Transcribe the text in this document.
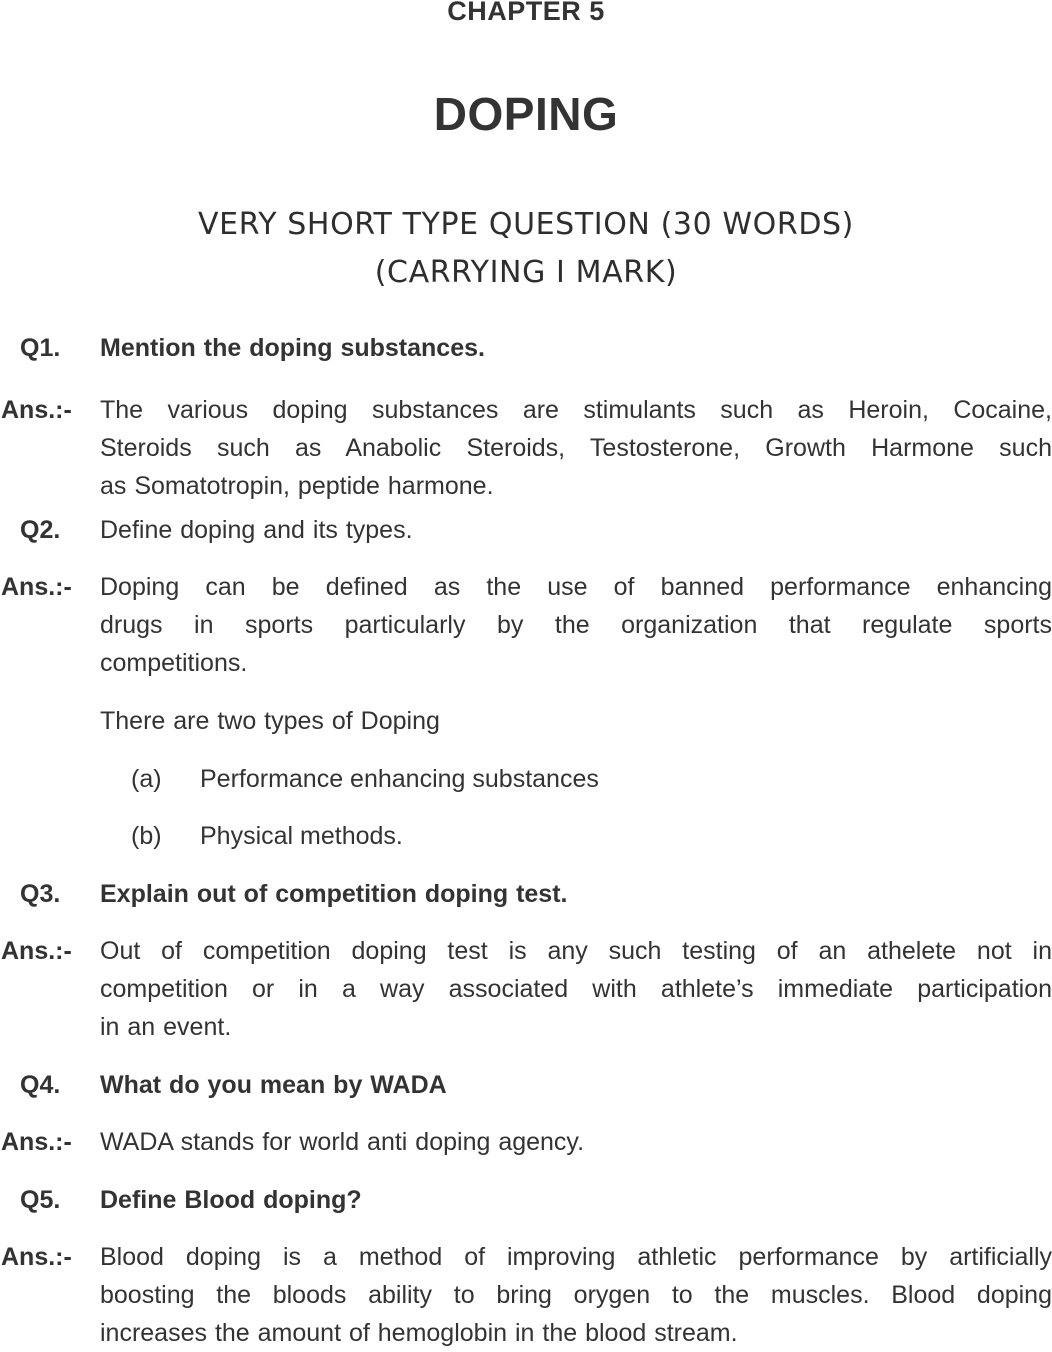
CHAPTER 5
DOPING
VERY SHORT TYPE QUESTION (30 WORDS)
(CARRYING I MARK)
Q1. Mention the doping substances.
Ans.:- The various doping substances are stimulants such as Heroin, Cocaine,
Steroids such as Anabolic Steroids, Testosterone, Growth Harmone such
as Somatotropin, peptide harmone.
Q2. Define doping and its types.
Ans.:- Doping can be defined as the use of banned performance enhancing
drugs in sports particularly by the organization that regulate sports
competitions.
There are two types of Doping
(a) Performance enhancing substances
(b) Physical methods.
Q3. Explain out of competition doping test.
Ans.:- Out of competition doping test is any such testing of an athelete not in
competition or in a way associated with athlete’s immediate participation
in an event.
Q4. What do you mean by WADA
Ans.:- WADA stands for world anti doping agency.
Q5. Define Blood doping?
Ans.:- Blood doping is a method of improving athletic performance by artificially
boosting the bloods ability to bring orygen to the muscles. Blood doping
increases the amount of hemoglobin in the blood stream.
